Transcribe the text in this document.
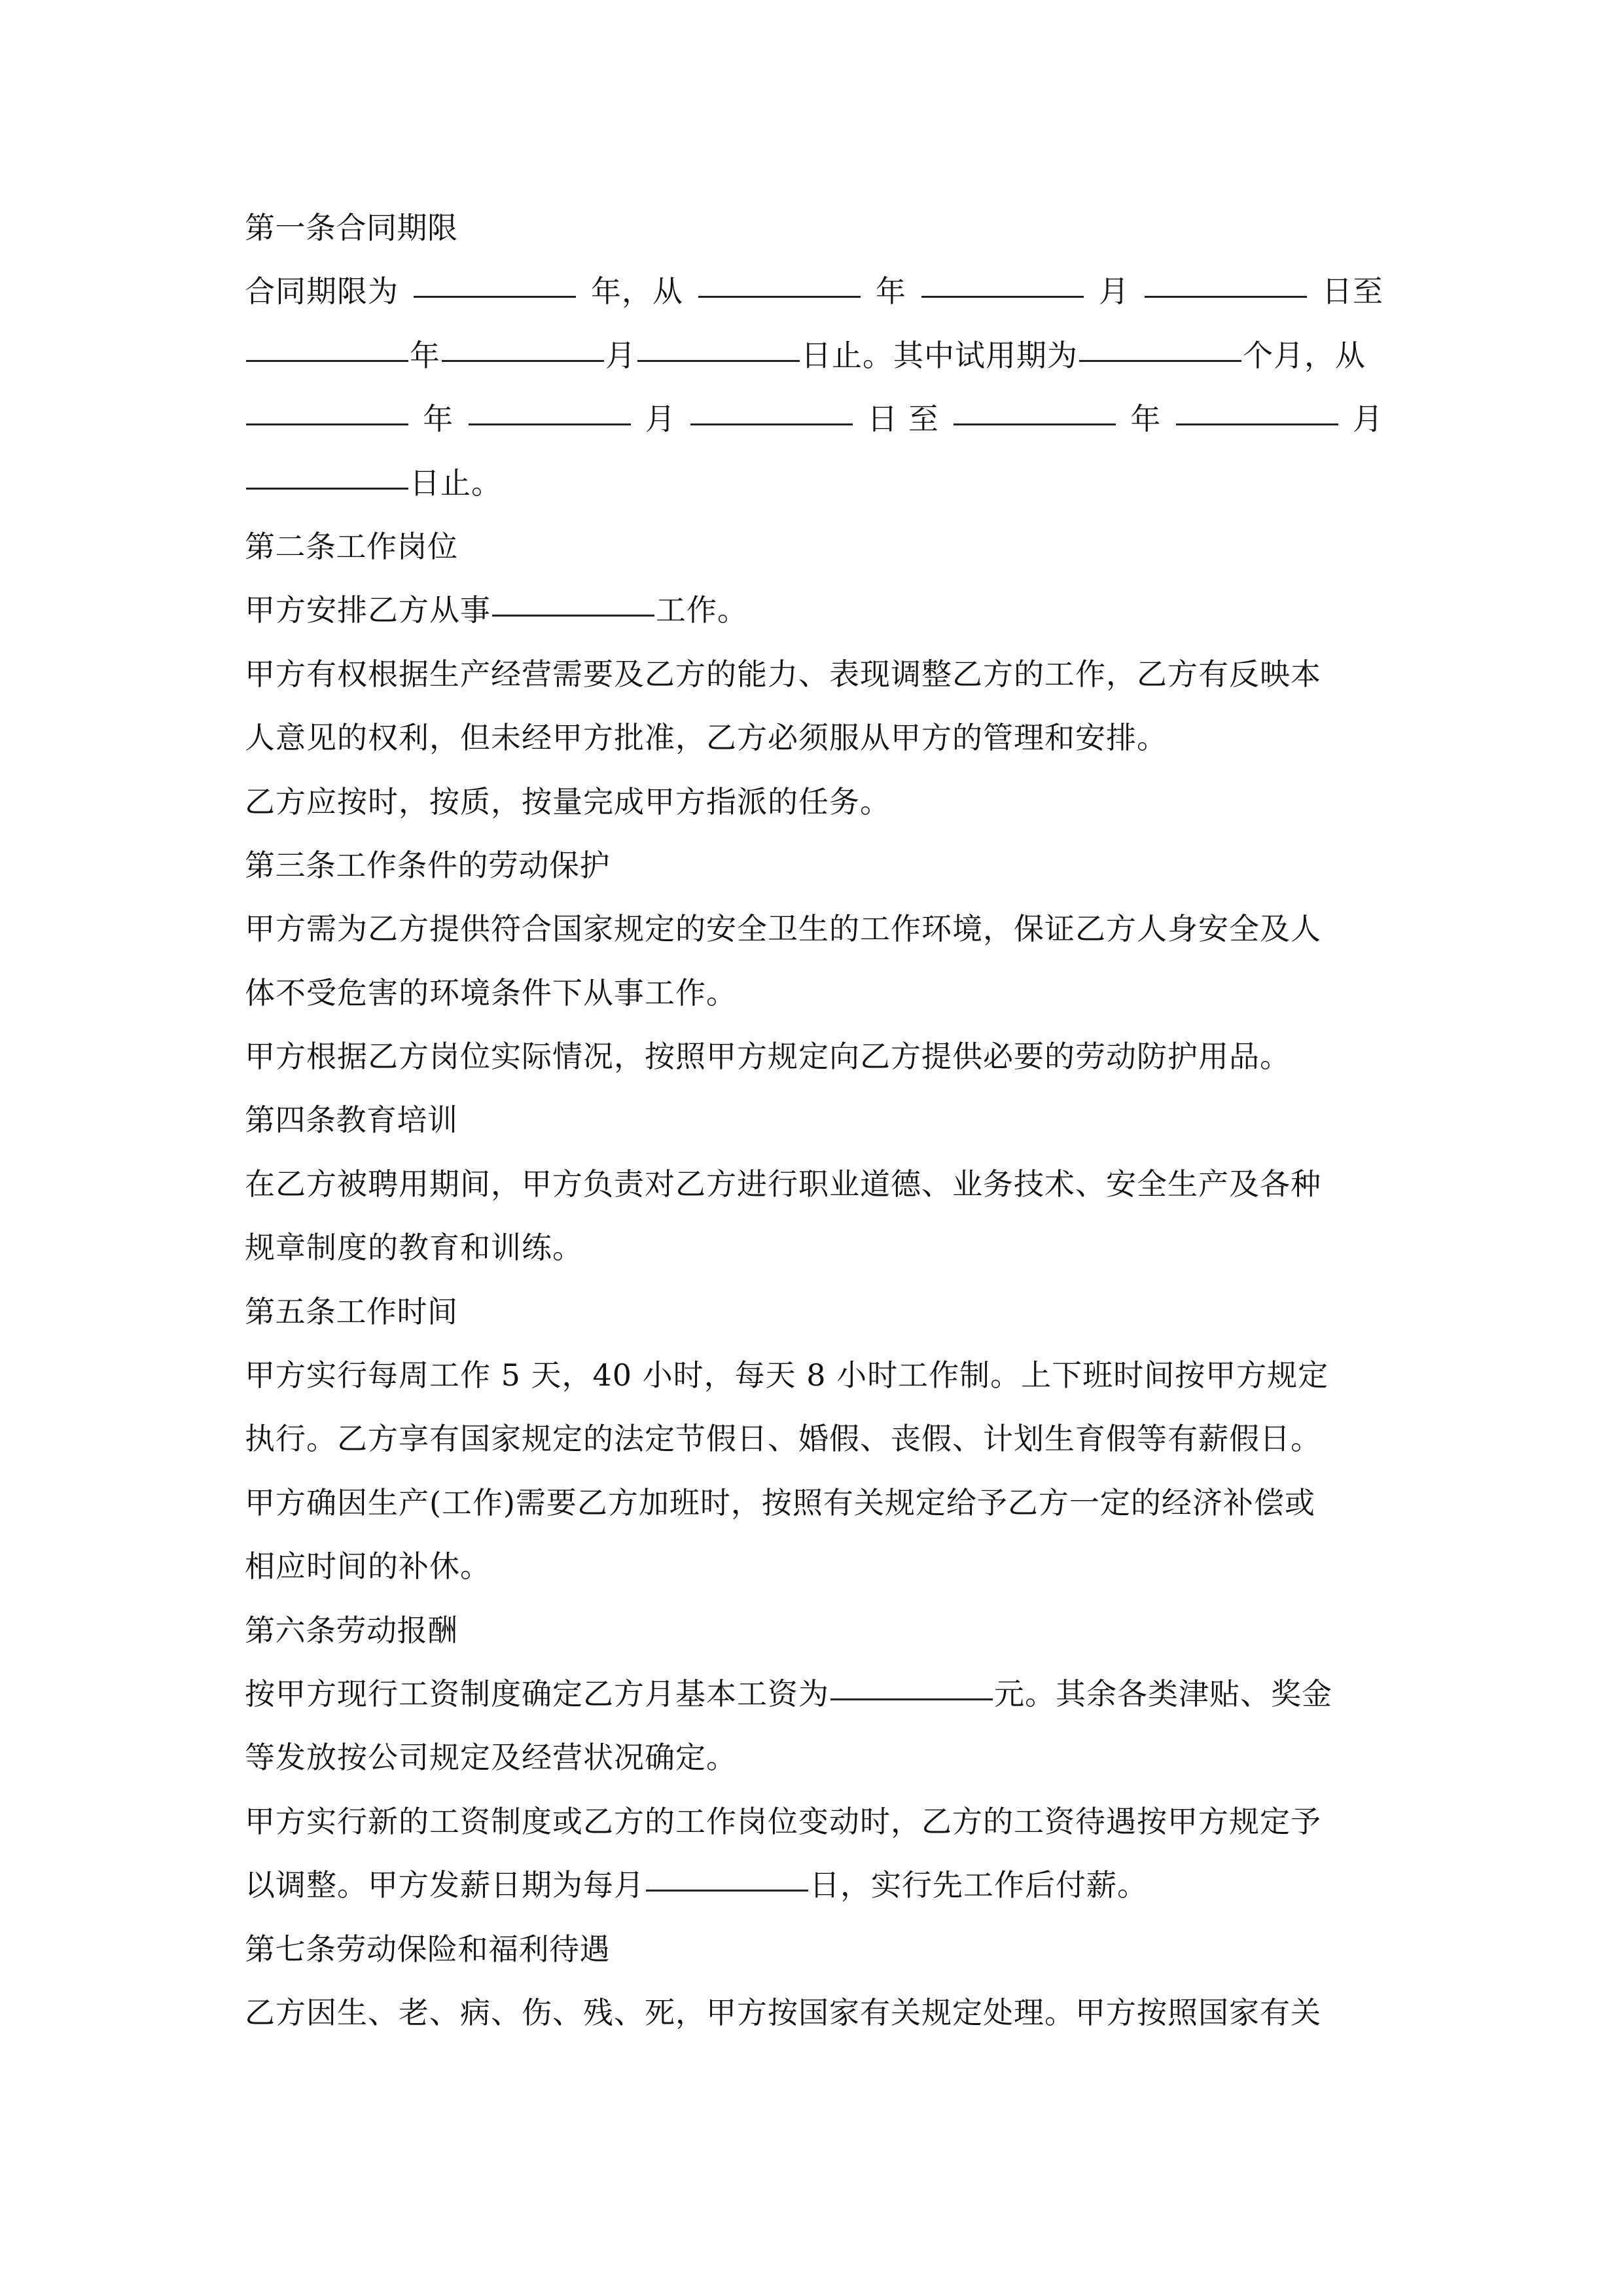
第一条合同期限
合同期限为	年，从	年	月	日至
年	月	日止。其中试用期为	个月，从
年	月	日 至	年	月
日止。
第二条工作岗位
甲方安排乙方从事	工作。
甲方有权根据生产经营需要及乙方的能力、表现调整乙方的工作，乙方有反映本
人意见的权利，但未经甲方批准，乙方必须服从甲方的管理和安排。
乙方应按时，按质，按量完成甲方指派的任务。
第三条工作条件的劳动保护
甲方需为乙方提供符合国家规定的安全卫生的工作环境，保证乙方人身安全及人
体不受危害的环境条件下从事工作。
甲方根据乙方岗位实际情况，按照甲方规定向乙方提供必要的劳动防护用品。
第四条教育培训
在乙方被聘用期间，甲方负责对乙方进行职业道德、业务技术、安全生产及各种
规章制度的教育和训练。
第五条工作时间
甲方实行每周工作 5 天，40 小时，每天 8 小时工作制。上下班时间按甲方规定
执行。乙方享有国家规定的法定节假日、婚假、丧假、计划生育假等有薪假日。
甲方确因生产(工作)需要乙方加班时，按照有关规定给予乙方一定的经济补偿或
相应时间的补休。
第六条劳动报酬
按甲方现行工资制度确定乙方月基本工资为	元。其余各类津贴、奖金
等发放按公司规定及经营状况确定。
甲方实行新的工资制度或乙方的工作岗位变动时，乙方的工资待遇按甲方规定予
以调整。甲方发薪日期为每月	日，实行先工作后付薪。
第七条劳动保险和福利待遇
乙方因生、老、病、伤、残、死，甲方按国家有关规定处理。甲方按照国家有关
